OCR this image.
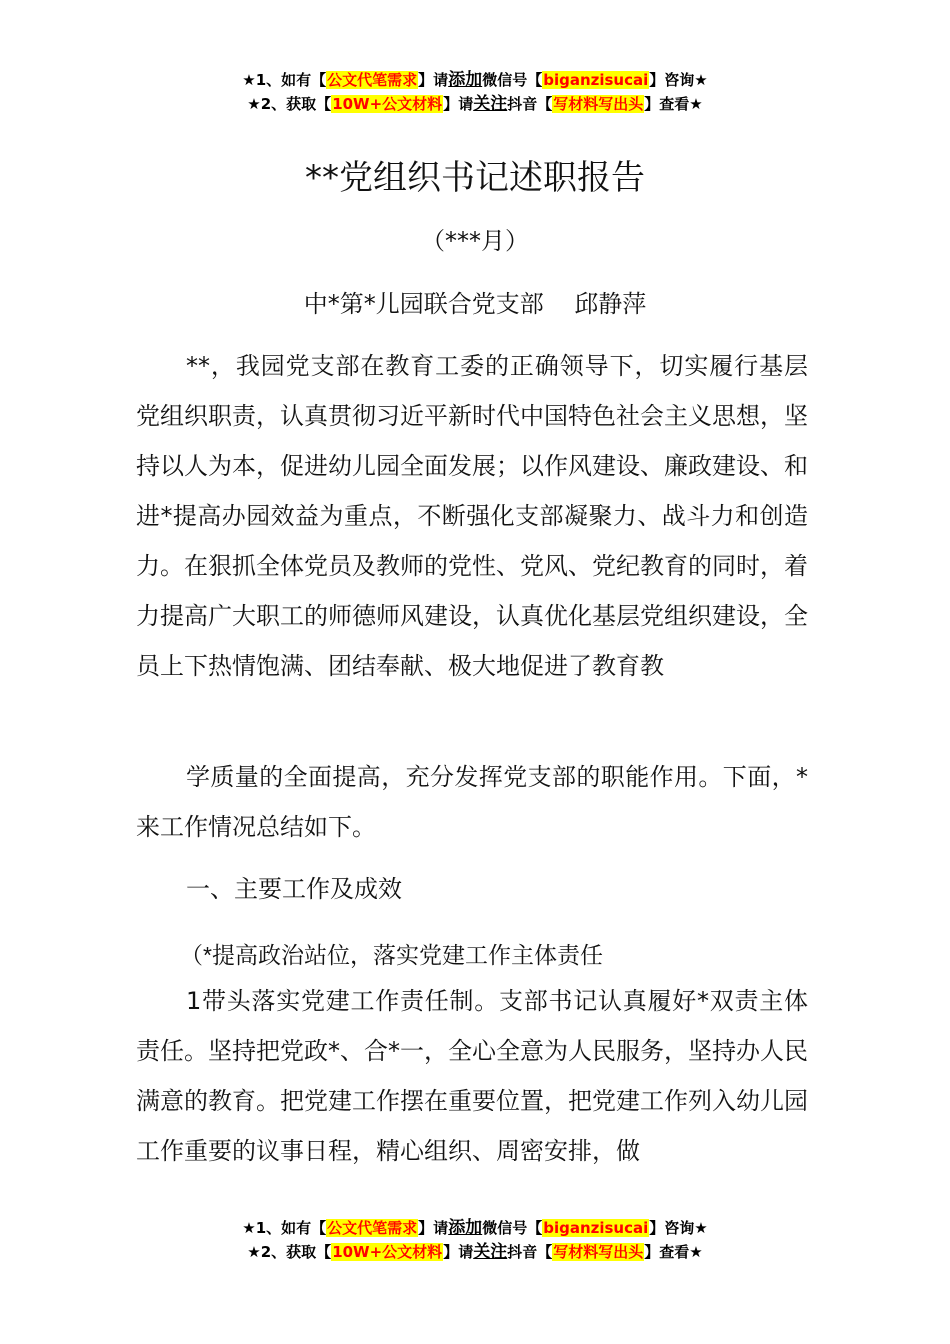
★1、如有【公文代笔需求】请添加微信号【biganzisucai】咨询★
★2、获取【10W+公文材料】请关注抖音【写材料写出头】查看★
**党组织书记述职报告
（***月）
中*第*儿园联合党支部    邱静萍

**，我园党支部在教育工委的正确领导下，切实履行基层党组织职责，认真贯彻习近平新时代中国特色社会主义思想，坚持以人为本，促进幼儿园全面发展；以作风建设、廉政建设、和进*提高办园效益为重点，不断强化支部凝聚力、战斗力和创造力。在狠抓全体党员及教师的党性、党风、党纪教育的同时，着力提高广大职工的师德师风建设，认真优化基层党组织建设，全员上下热情饱满、团结奉献、极大地促进了教育教

学质量的全面提高，充分发挥党支部的职能作用。下面，*来工作情况总结如下。

一、主要工作及成效

（*提高政治站位，落实党建工作主体责任

1带头落实党建工作责任制。支部书记认真履好*双责主体责任。坚持把党政*、合*一，全心全意为人民服务，坚持办人民满意的教育。把党建工作摆在重要位置，把党建工作列入幼儿园工作重要的议事日程，精心组织、周密安排，做

★1、如有【公文代笔需求】请添加微信号【biganzisucai】咨询★
★2、获取【10W+公文材料】请关注抖音【写材料写出头】查看★
